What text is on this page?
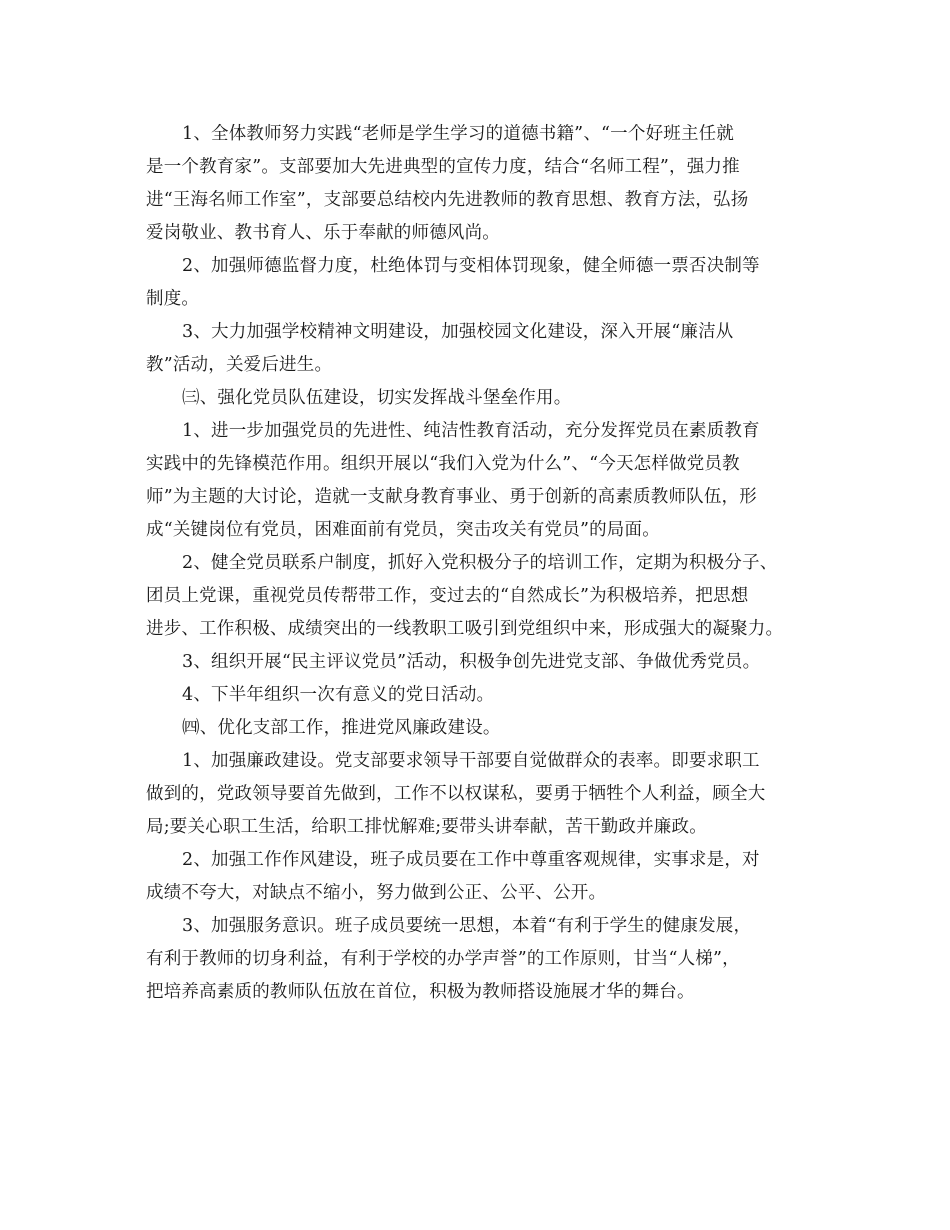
1、全体教师努力实践“老师是学生学习的道德书籍”、“一个好班主任就
是一个教育家”。支部要加大先进典型的宣传力度，结合“名师工程”，强力推
进“王海名师工作室”，支部要总结校内先进教师的教育思想、教育方法，弘扬
爱岗敬业、教书育人、乐于奉献的师德风尚。
2、加强师德监督力度，杜绝体罚与变相体罚现象，健全师德一票否决制等
制度。
3、大力加强学校精神文明建设，加强校园文化建设，深入开展“廉洁从
教”活动，关爱后进生。
㈢、强化党员队伍建设，切实发挥战斗堡垒作用。
1、进一步加强党员的先进性、纯洁性教育活动，充分发挥党员在素质教育
实践中的先锋模范作用。组织开展以“我们入党为什么”、“今天怎样做党员教
师”为主题的大讨论，造就一支献身教育事业、勇于创新的高素质教师队伍，形
成“关键岗位有党员，困难面前有党员，突击攻关有党员”的局面。
2、健全党员联系户制度，抓好入党积极分子的培训工作，定期为积极分子、
团员上党课，重视党员传帮带工作，变过去的“自然成长”为积极培养，把思想
进步、工作积极、成绩突出的一线教职工吸引到党组织中来，形成强大的凝聚力。
3、组织开展“民主评议党员”活动，积极争创先进党支部、争做优秀党员。
4、下半年组织一次有意义的党日活动。
㈣、优化支部工作，推进党风廉政建设。
1、加强廉政建设。党支部要求领导干部要自觉做群众的表率。即要求职工
做到的，党政领导要首先做到，工作不以权谋私，要勇于牺牲个人利益，顾全大
局;要关心职工生活，给职工排忧解难;要带头讲奉献，苦干勤政并廉政。
2、加强工作作风建设，班子成员要在工作中尊重客观规律，实事求是，对
成绩不夸大，对缺点不缩小，努力做到公正、公平、公开。
3、加强服务意识。班子成员要统一思想，本着“有利于学生的健康发展，
有利于教师的切身利益，有利于学校的办学声誉”的工作原则，甘当“人梯”，
把培养高素质的教师队伍放在首位，积极为教师搭设施展才华的舞台。
